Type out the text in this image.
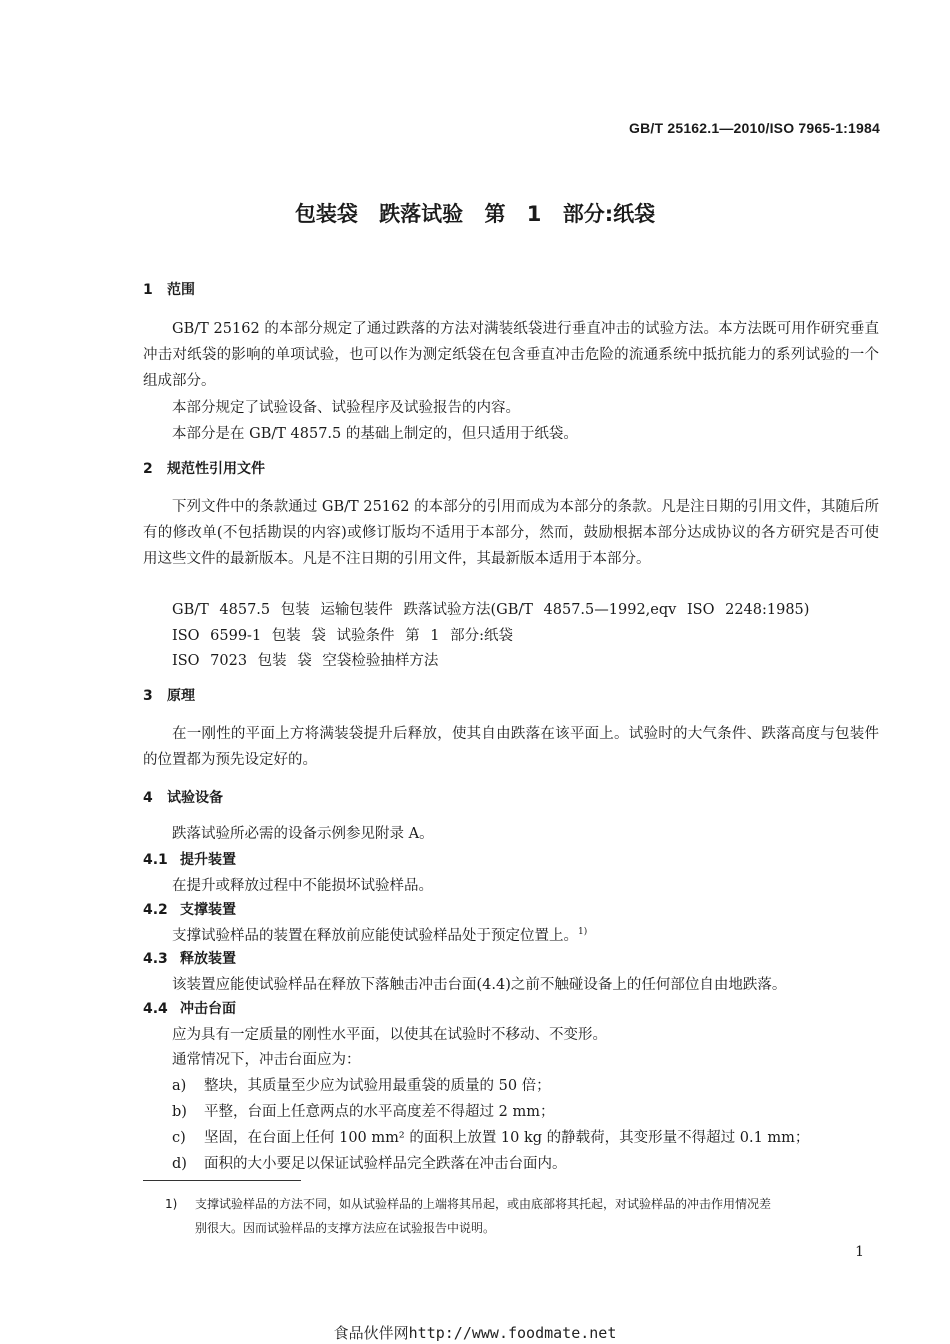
GB/T 25162.1—2010/ISO 7965-1:1984
包装袋 跌落试验 第 1 部分:纸袋
1 范围
GB/T 25162 的本部分规定了通过跌落的方法对满装纸袋进行垂直冲击的试验方法。本方法既可用作研究垂直冲击对纸袋的影响的单项试验，也可以作为测定纸袋在包含垂直冲击危险的流通系统中抵抗能力的系列试验的一个组成部分。
本部分规定了试验设备、试验程序及试验报告的内容。
本部分是在 GB/T 4857.5 的基础上制定的，但只适用于纸袋。
2 规范性引用文件
下列文件中的条款通过 GB/T 25162 的本部分的引用而成为本部分的条款。凡是注日期的引用文件，其随后所有的修改单(不包括勘误的内容)或修订版均不适用于本部分，然而，鼓励根据本部分达成协议的各方研究是否可使用这些文件的最新版本。凡是不注日期的引用文件，其最新版本适用于本部分。
GB/T 4857.5 包装 运输包装件 跌落试验方法(GB/T 4857.5—1992,eqv ISO 2248:1985)
ISO 6599-1 包装 袋 试验条件 第 1 部分:纸袋
ISO 7023 包装 袋 空袋检验抽样方法
3 原理
在一刚性的平面上方将满装袋提升后释放，使其自由跌落在该平面上。试验时的大气条件、跌落高度与包装件的位置都为预先设定好的。
4 试验设备
跌落试验所必需的设备示例参见附录 A。
4.1 提升装置
在提升或释放过程中不能损坏试验样品。
4.2 支撑装置
支撑试验样品的装置在释放前应能使试验样品处于预定位置上。$^{1)}$
4.3 释放装置
该装置应能使试验样品在释放下落触击冲击台面(4.4)之前不触碰设备上的任何部位自由地跌落。
4.4 冲击台面
应为具有一定质量的刚性水平面，以使其在试验时不移动、不变形。
通常情况下，冲击台面应为：
a) 整块，其质量至少应为试验用最重袋的质量的 50 倍；
b) 平整，台面上任意两点的水平高度差不得超过 2 mm；
c) 坚固，在台面上任何 100 mm² 的面积上放置 10 kg 的静载荷，其变形量不得超过 0.1 mm；
d) 面积的大小要足以保证试验样品完全跌落在冲击台面内。
1) 支撑试验样品的方法不同，如从试验样品的上端将其吊起，或由底部将其托起，对试验样品的冲击作用情况差
别很大。因而试验样品的支撑方法应在试验报告中说明。
1
食品伙伴网http://www.foodmate.net
